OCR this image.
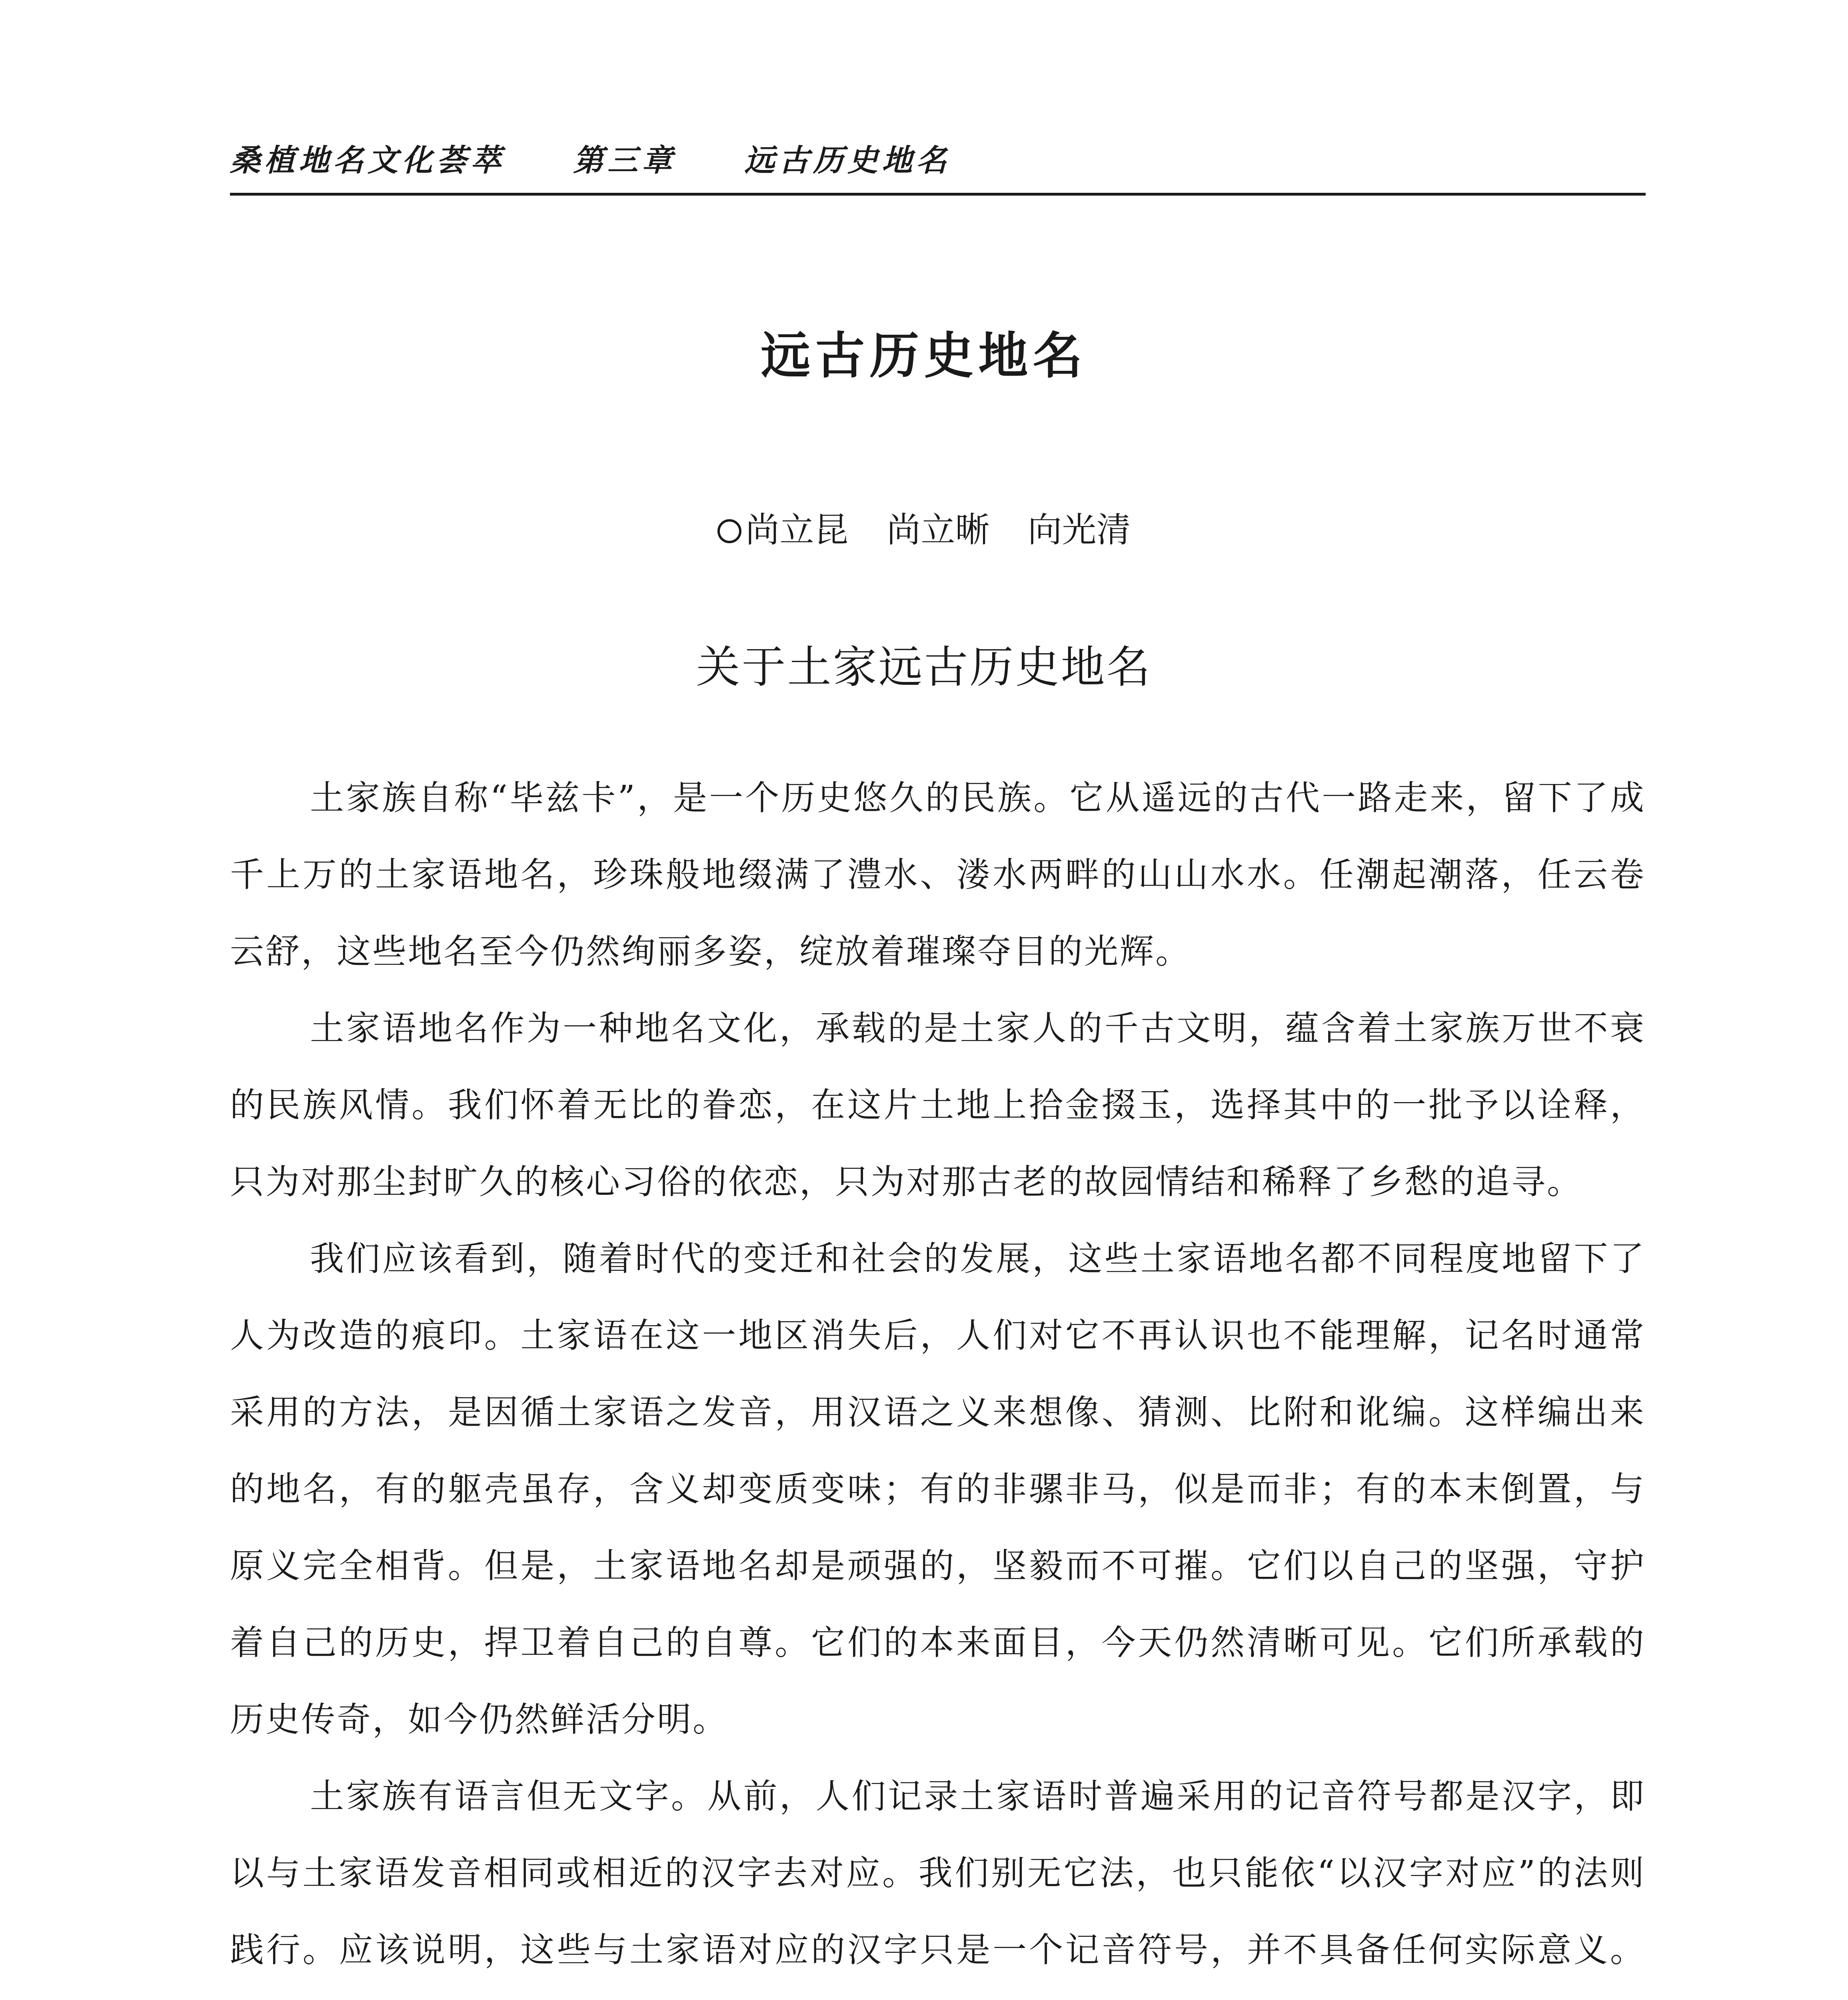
桑植地名文化荟萃 第三章 远古历史地名
远古历史地名
尚立昆 尚立晰 向光清
关于土家远古历史地名

土家族自称“毕兹卡”，是一个历史悠久的民族。它从遥远的古代一路走来，留下了成千上万的土家语地名，珍珠般地缀满了澧水、溇水两畔的山山水水。任潮起潮落，任云卷云舒，这些地名至今仍然绚丽多姿，绽放着璀璨夺目的光辉。

土家语地名作为一种地名文化，承载的是土家人的千古文明，蕴含着土家族万世不衰的民族风情。我们怀着无比的眷恋，在这片土地上拾金掇玉，选择其中的一批予以诠释，只为对那尘封旷久的核心习俗的依恋，只为对那古老的故园情结和稀释了乡愁的追寻。

我们应该看到，随着时代的变迁和社会的发展，这些土家语地名都不同程度地留下了人为改造的痕印。土家语在这一地区消失后，人们对它不再认识也不能理解，记名时通常采用的方法，是因循土家语之发音，用汉语之义来想像、猜测、比附和讹编。这样编出来的地名，有的躯壳虽存，含义却变质变味；有的非骡非马，似是而非；有的本末倒置，与原义完全相背。但是，土家语地名却是顽强的，坚毅而不可摧。它们以自己的坚强，守护着自己的历史，捍卫着自己的自尊。它们的本来面目，今天仍然清晰可见。它们所承载的历史传奇，如今仍然鲜活分明。

土家族有语言但无文字。从前，人们记录土家语时普遍采用的记音符号都是汉字，即以与土家语发音相同或相近的汉字去对应。我们别无它法，也只能依“以汉字对应”的法则践行。应该说明，这些与土家语对应的汉字只是一个记音符号，并不具备任何实际意义。
